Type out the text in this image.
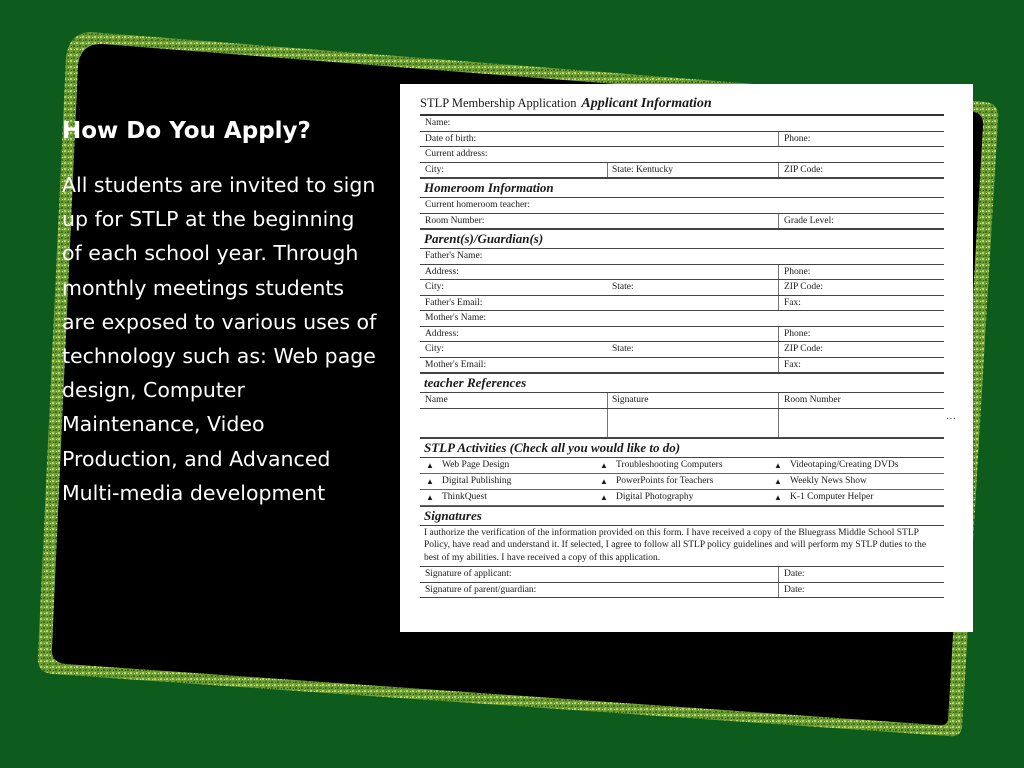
How Do You Apply?
All students are invited to sign up for STLP at the beginning of each school year. Through monthly meetings students are exposed to various uses of technology such as: Web page design, Computer Maintenance, Video Production, and Advanced Multi-media development
STLP Membership Application Applicant Information
Name:
Date of birth:	Phone:
Current address:
City:	State: Kentucky	ZIP Code:
Homeroom Information
Current homeroom teacher:
Room Number:	Grade Level:
Parent(s)/Guardian(s)
Father's Name:
Address:	Phone:
City:	State:	ZIP Code:
Father's Email:	Fax:
Mother's Name:
Address:	Phone:
City:	State:	ZIP Code:
Mother's Email:	Fax:
teacher References
Name	Signature	Room Number
STLP Activities (Check all you would like to do)
▲ Web Page Design	▲ Troubleshooting Computers	▲ Videotaping/Creating DVDs
▲ Digital Publishing	▲ PowerPoints for Teachers	▲ Weekly News Show
▲ ThinkQuest	▲ Digital Photography	▲ K-1 Computer Helper
Signatures
I authorize the verification of the information provided on this form. I have received a copy of the Bluegrass Middle School STLP Policy, have read and understand it. If selected, I agree to follow all STLP policy guidelines and will perform my STLP duties to the best of my abilities. I have received a copy of this application.
Signature of applicant:	Date:
Signature of parent/guardian:	Date:
···
